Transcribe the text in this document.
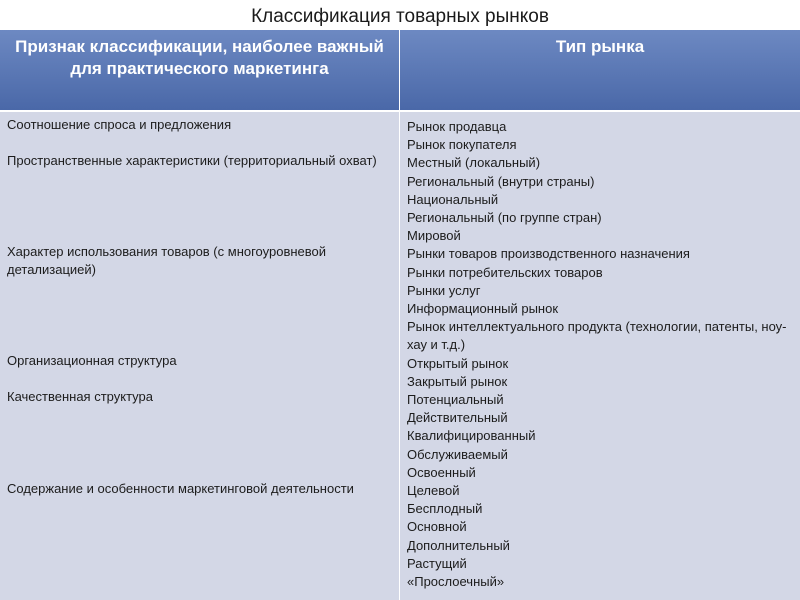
Классификация товарных рынков
Признак классификации, наиболее важный для практического маркетинга
Тип рынка
Соотношение спроса и предложения
Пространственные характеристики (территориальный охват)
Характер использования товаров (с многоуровневой детализацией)
Организационная структура
Качественная структура
Содержание и особенности маркетинговой деятельности
Рынок продавца
Рынок покупателя
Местный (локальный)
Региональный (внутри страны)
Национальный
Региональный (по группе стран)
Мировой
Рынки товаров производственного назначения
Рынки потребительских товаров
Рынки услуг
Информационный рынок
Рынок интеллектуального продукта (технологии, патенты, ноу-хау и т.д.)
Открытый рынок
Закрытый рынок
Потенциальный
Действительный
Квалифицированный
Обслуживаемый
Освоенный
Целевой
Бесплодный
Основной
Дополнительный
Растущий
«Прослоечный»
